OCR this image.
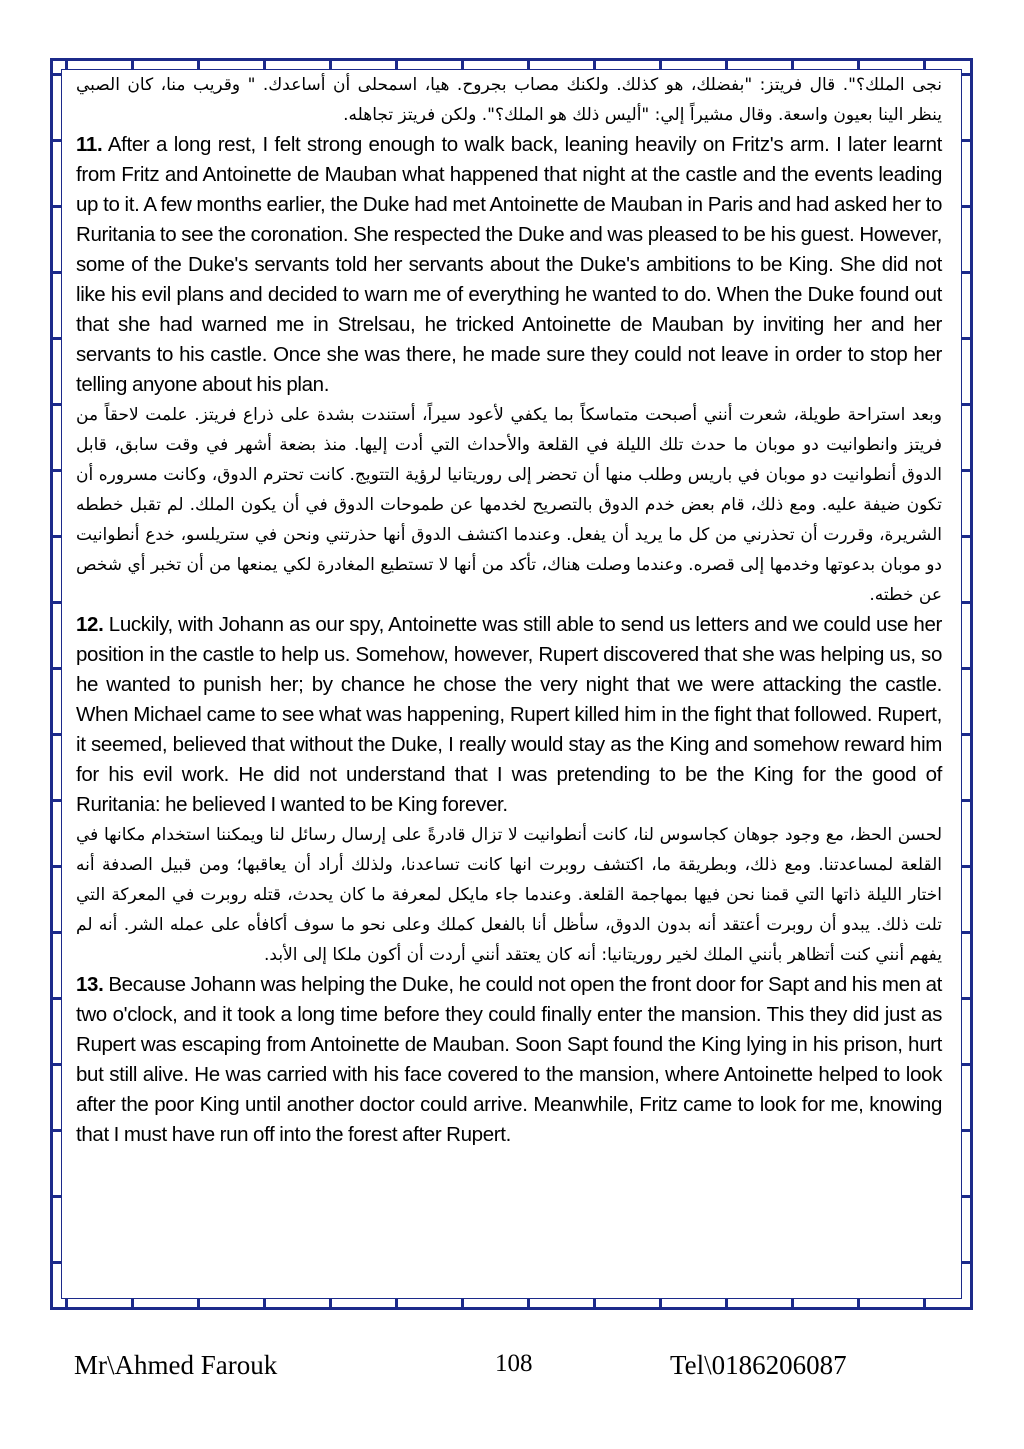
نجى الملك؟". قال فريتز: "بفضلك، هو كذلك. ولكنك مصاب بجروح. هيا، اسمحلى أن أساعدك. " وقريب منا، كان الصبي ينظر الينا بعيون واسعة. وقال مشيراً إلي: "أليس ذلك هو الملك؟". ولكن فريتز تجاهله.

11. After a long rest, I felt strong enough to walk back, leaning heavily on Fritz's arm. I later learnt from Fritz and Antoinette de Mauban what happened that night at the castle and the events leading up to it. A few months earlier, the Duke had met Antoinette de Mauban in Paris and had asked her to Ruritania to see the coronation. She respected the Duke and was pleased to be his guest. However, some of the Duke's servants told her servants about the Duke's ambitions to be King. She did not like his evil plans and decided to warn me of everything he wanted to do. When the Duke found out that she had warned me in Strelsau, he tricked Antoinette de Mauban by inviting her and her servants to his castle. Once she was there, he made sure they could not leave in order to stop her telling anyone about his plan.

وبعد استراحة طويلة، شعرت أنني أصبحت متماسكاً بما يكفي لأعود سيراً، أستندت بشدة على ذراع فريتز. علمت لاحقاً من فريتز وانطوانيت دو موبان ما حدث تلك الليلة في القلعة والأحداث التي أدت إليها. منذ بضعة أشهر في وقت سابق، قابل الدوق أنطوانيت دو موبان في باريس وطلب منها أن تحضر إلى روريتانيا لرؤية التتويج. كانت تحترم الدوق، وكانت مسروره أن تكون ضيفة عليه. ومع ذلك، قام بعض خدم الدوق بالتصريح لخدمها عن طموحات الدوق في أن يكون الملك. لم تقبل خططه الشريرة، وقررت أن تحذرني من كل ما يريد أن يفعل. وعندما اكتشف الدوق أنها حذرتني ونحن في ستريلسو، خدع أنطوانيت دو موبان بدعوتها وخدمها إلى قصره. وعندما وصلت هناك، تأكد من أنها لا تستطيع المغادرة لكي يمنعها من أن تخبر أي شخص عن خطته.

12. Luckily, with Johann as our spy, Antoinette was still able to send us letters and we could use her position in the castle to help us. Somehow, however, Rupert discovered that she was helping us, so he wanted to punish her; by chance he chose the very night that we were attacking the castle. When Michael came to see what was happening, Rupert killed him in the fight that followed. Rupert, it seemed, believed that without the Duke, I really would stay as the King and somehow reward him for his evil work. He did not understand that I was pretending to be the King for the good of Ruritania: he believed I wanted to be King forever.

لحسن الحظ، مع وجود جوهان كجاسوس لنا، كانت أنطوانيت لا تزال قادرةً على إرسال رسائل لنا ويمكننا استخدام مكانها في القلعة لمساعدتنا. ومع ذلك، وبطريقة ما، اكتشف روبرت انها كانت تساعدنا، ولذلك أراد أن يعاقبها؛ ومن قبيل الصدفة أنه اختار الليلة ذاتها التي قمنا نحن فيها بمهاجمة القلعة. وعندما جاء مايكل لمعرفة ما كان يحدث، قتله روبرت في المعركة التي تلت ذلك. يبدو أن روبرت أعتقد أنه بدون الدوق، سأظل أنا بالفعل كملك وعلى نحو ما سوف أكافأه على عمله الشر. أنه لم يفهم أنني كنت أتظاهر بأنني الملك لخير روريتانيا: أنه كان يعتقد أنني أردت أن أكون ملكا إلى الأبد.

13. Because Johann was helping the Duke, he could not open the front door for Sapt and his men at two o'clock, and it took a long time before they could finally enter the mansion. This they did just as Rupert was escaping from Antoinette de Mauban. Soon Sapt found the King lying in his prison, hurt but still alive. He was carried with his face covered to the mansion, where Antoinette helped to look after the poor King until another doctor could arrive. Meanwhile, Fritz came to look for me, knowing that I must have run off into the forest after Rupert.

Mr\Ahmed Farouk	108	Tel\0186206087
